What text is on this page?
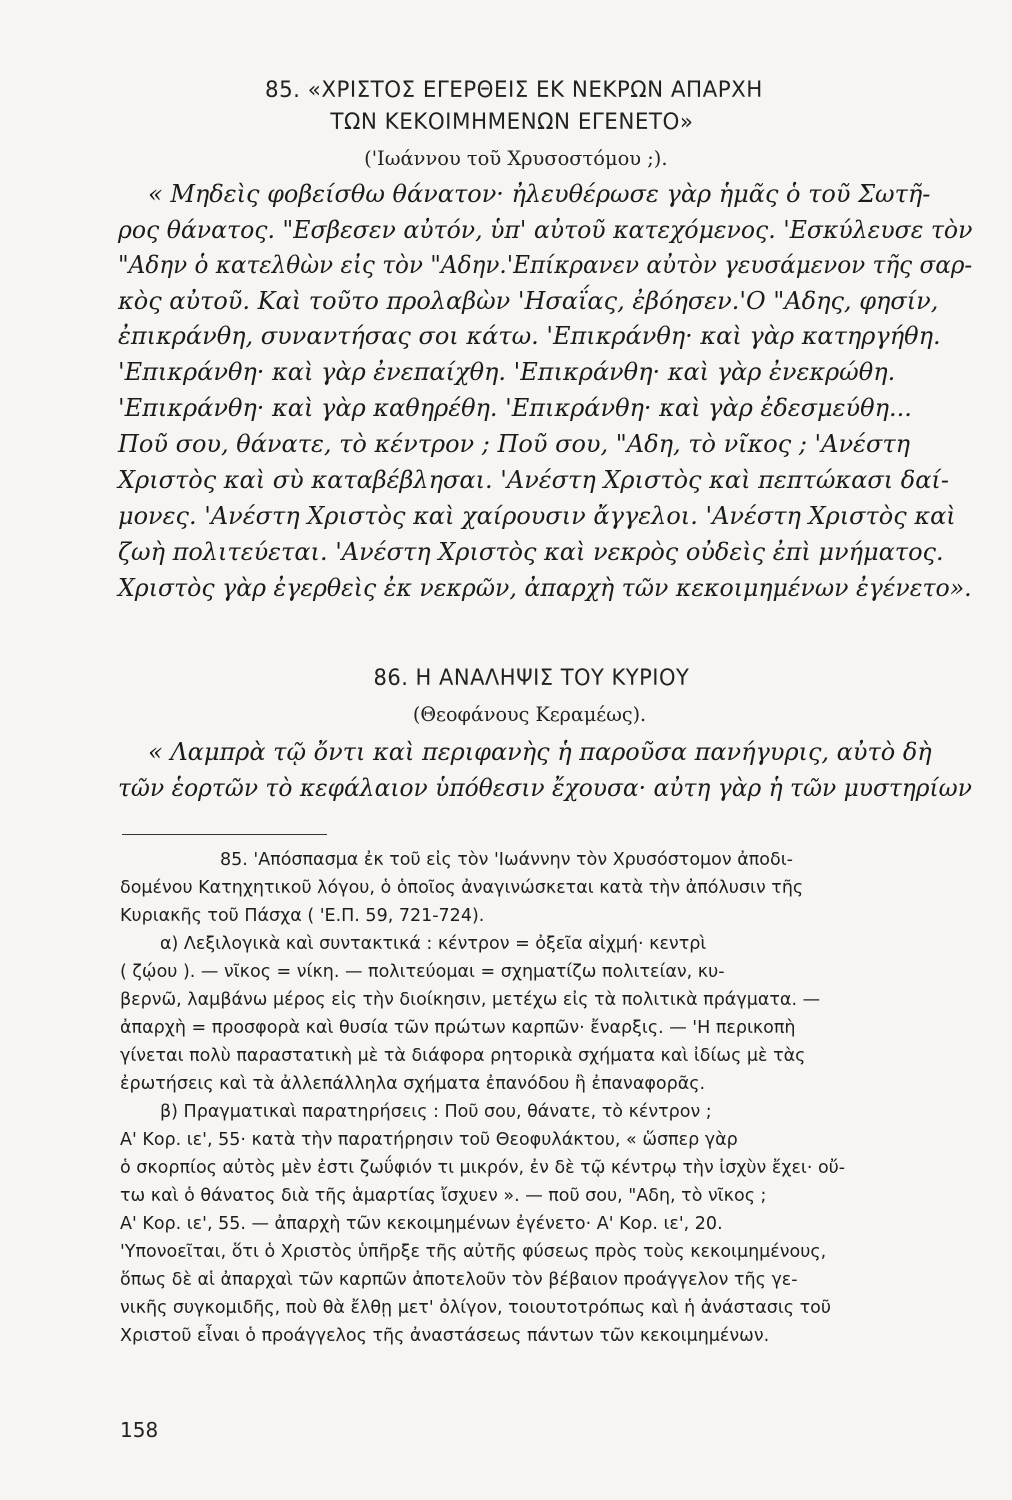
85. «ΧΡΙΣΤΟΣ ΕΓΕΡΘΕΙΣ ΕΚ ΝΕΚΡΩΝ ΑΠΑΡΧΗ
ΤΩΝ ΚΕΚΟΙΜΗΜΕΝΩΝ ΕΓΕΝΕΤΟ»
('Ιωάννου τοῦ Χρυσοστόμου ;).
« Μηδεὶς φοβείσθω θάνατον· ἠλευθέρωσε γὰρ ἡμᾶς ὁ τοῦ Σωτῆ-
ρος θάνατος. "Εσβεσεν αὐτόν, ὑπ' αὐτοῦ κατεχόμενος. 'Εσκύλευσε τὸν
"Αδην ὁ κατελθὼν εἰς τὸν "Αδην.'Επίκρανεν αὐτὸν γευσάμενον τῆς σαρ-
κὸς αὐτοῦ. Καὶ τοῦτο προλαβὼν 'Ησαΐας, ἐβόησεν.'Ο "Αδης, φησίν,
ἐπικράνθη, συναντήσας σοι κάτω. 'Επικράνθη· καὶ γὰρ κατηργήθη.
'Επικράνθη· καὶ γὰρ ἐνεπαίχθη. 'Επικράνθη· καὶ γὰρ ἐνεκρώθη.
'Επικράνθη· καὶ γὰρ καθηρέθη. 'Επικράνθη· καὶ γὰρ ἐδεσμεύθη...
Ποῦ σου, θάνατε, τὸ κέντρον ; Ποῦ σου, "Αδη, τὸ νῖκος ; 'Ανέστη
Χριστὸς καὶ σὺ καταβέβλησαι. 'Ανέστη Χριστὸς καὶ πεπτώκασι δαί-
μονες. 'Ανέστη Χριστὸς καὶ χαίρουσιν ἄγγελοι. 'Ανέστη Χριστὸς καὶ
ζωὴ πολιτεύεται. 'Ανέστη Χριστὸς καὶ νεκρὸς οὐδεὶς ἐπὶ μνήματος.
Χριστὸς γὰρ ἐγερθεὶς ἐκ νεκρῶν, ἀπαρχὴ τῶν κεκοιμημένων ἐγένετο».
86. Η ΑΝΑΛΗΨΙΣ ΤΟΥ ΚΥΡΙΟΥ
(Θεοφάνους Κεραμέως).
« Λαμπρὰ τῷ ὄντι καὶ περιφανὴς ἡ παροῦσα πανήγυρις, αὐτὸ δὴ
τῶν ἑορτῶν τὸ κεφάλαιον ὑπόθεσιν ἔχουσα· αὐτη γὰρ ἡ τῶν μυστηρίων
85. 'Απόσπασμα ἐκ τοῦ εἰς τὸν 'Ιωάννην τὸν Χρυσόστομον ἀποδι-
δομένου Κατηχητικοῦ λόγου, ὁ ὁποῖος ἀναγινώσκεται κατὰ τὴν ἀπόλυσιν τῆς
Κυριακῆς τοῦ Πάσχα ( 'Ε.Π. 59, 721-724).
α) Λεξιλογικὰ καὶ συντακτικά : κέντρον = ὀξεῖα αἰχμή· κεντρὶ
( ζῴου ). — νῖκος = νίκη. — πολιτεύομαι = σχηματίζω πολιτείαν, κυ-
βερνῶ, λαμβάνω μέρος εἰς τὴν διοίκησιν, μετέχω εἰς τὰ πολιτικὰ πράγματα. —
ἀπαρχὴ = προσφορὰ καὶ θυσία τῶν πρώτων καρπῶν· ἔναρξις. — 'Η περικοπὴ
γίνεται πολὺ παραστατικὴ μὲ τὰ διάφορα ρητορικὰ σχήματα καὶ ἰδίως μὲ τὰς
ἐρωτήσεις καὶ τὰ ἀλλεπάλληλα σχήματα ἐπανόδου ἢ ἐπαναφορᾶς.
β) Πραγματικαὶ παρατηρήσεις : Ποῦ σου, θάνατε, τὸ κέντρον ;
Α' Κορ. ιε', 55· κατὰ τὴν παρατήρησιν τοῦ Θεοφυλάκτου, « ὥσπερ γὰρ
ὁ σκορπίος αὐτὸς μὲν ἐστι ζωΰφιόν τι μικρόν, ἐν δὲ τῷ κέντρῳ τὴν ἰσχὺν ἔχει· οὔ-
τω καὶ ὁ θάνατος διὰ τῆς ἁμαρτίας ἴσχυεν ». — ποῦ σου, "Αδη, τὸ νῖκος ;
Α' Κορ. ιε', 55. — ἀπαρχὴ τῶν κεκοιμημένων ἐγένετο· Α' Κορ. ιε', 20.
'Υπονοεῖται, ὅτι ὁ Χριστὸς ὑπῆρξε τῆς αὐτῆς φύσεως πρὸς τοὺς κεκοιμημένους,
ὅπως δὲ αἱ ἀπαρχαὶ τῶν καρπῶν ἀποτελοῦν τὸν βέβαιον προάγγελον τῆς γε-
νικῆς συγκομιδῆς, ποὺ θὰ ἔλθῃ μετ' ὀλίγον, τοιουτοτρόπως καὶ ἡ ἀνάστασις τοῦ
Χριστοῦ εἶναι ὁ προάγγελος τῆς ἀναστάσεως πάντων τῶν κεκοιμημένων.
158
